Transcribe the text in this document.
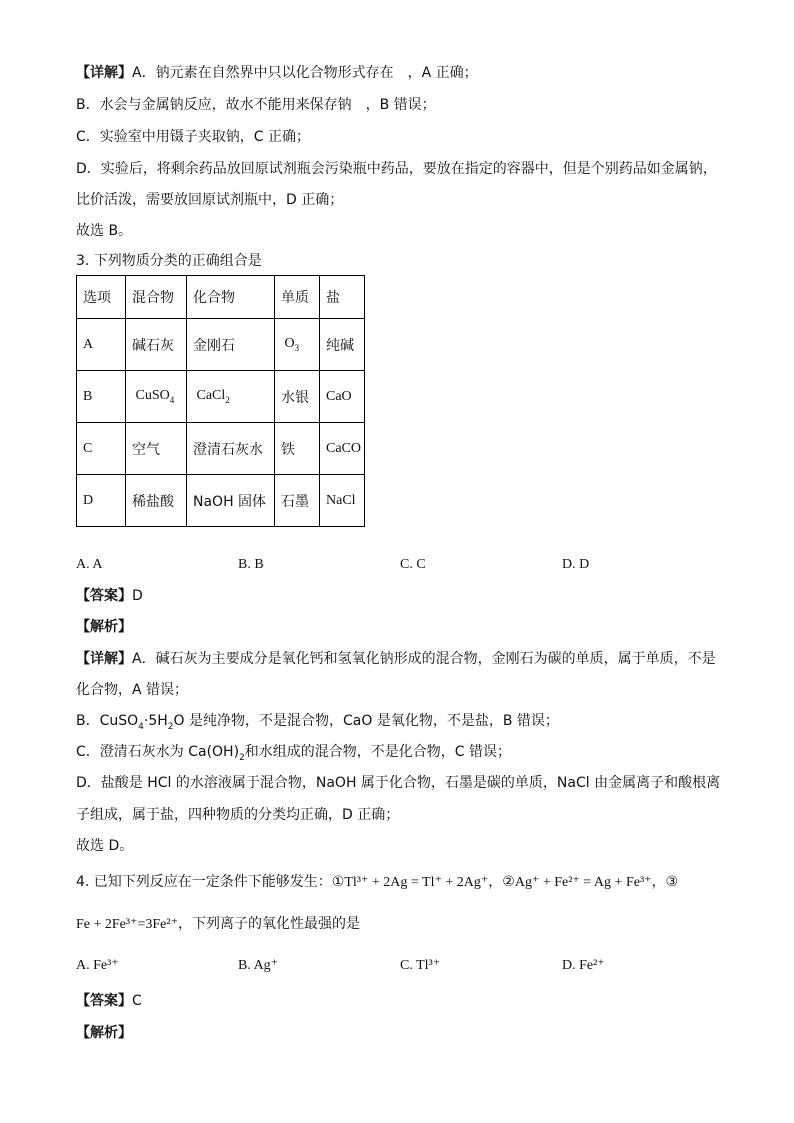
【详解】A．钠元素在自然界中只以化合物形式存在　，A 正确；
B．水会与金属钠反应，故水不能用来保存钠　，B 错误；
C．实验室中用镊子夹取钠，C 正确；
D．实验后，将剩余药品放回原试剂瓶会污染瓶中药品，要放在指定的容器中，但是个别药品如金属钠，
比价活泼，需要放回原试剂瓶中，D 正确；
故选 B。
3. 下列物质分类的正确组合是
选项	混合物	化合物	单质	盐
A	碱石灰	金刚石	$O_3$	纯碱
B	CuSO$_4$	CaCl$_2$	水银	CaO
C	空气	澄清石灰水	铁	CaCO
D	稀盐酸	NaOH 固体	石墨	NaCl
A. A	B. B	C. C	D. D
【答案】D
【解析】
【详解】A．碱石灰为主要成分是氧化钙和氢氧化钠形成的混合物，金刚石为碳的单质，属于单质，不是
化合物，A 错误；
B．$CuSO_4\cdot 5H_2O$ 是纯净物，不是混合物，CaO 是氧化物，不是盐，B 错误；
C．澄清石灰水为 $Ca(OH)_2$和水组成的混合物，不是化合物，C 错误；
D．盐酸是 HCl 的水溶液属于混合物，NaOH 属于化合物，石墨是碳的单质，NaCl 由金属离子和酸根离
子组成，属于盐，四种物质的分类均正确，D 正确；
故选 D。
4. 已知下列反应在一定条件下能够发生：①Tl³⁺ + 2Ag = Tl⁺ + 2Ag⁺，②Ag⁺ + Fe²⁺ = Ag + Fe³⁺，③
Fe + 2Fe³⁺=3Fe²⁺，下列离子的氧化性最强的是
A. Fe³⁺	B. Ag⁺	C. Tl³⁺	D. Fe²⁺
【答案】C
【解析】
